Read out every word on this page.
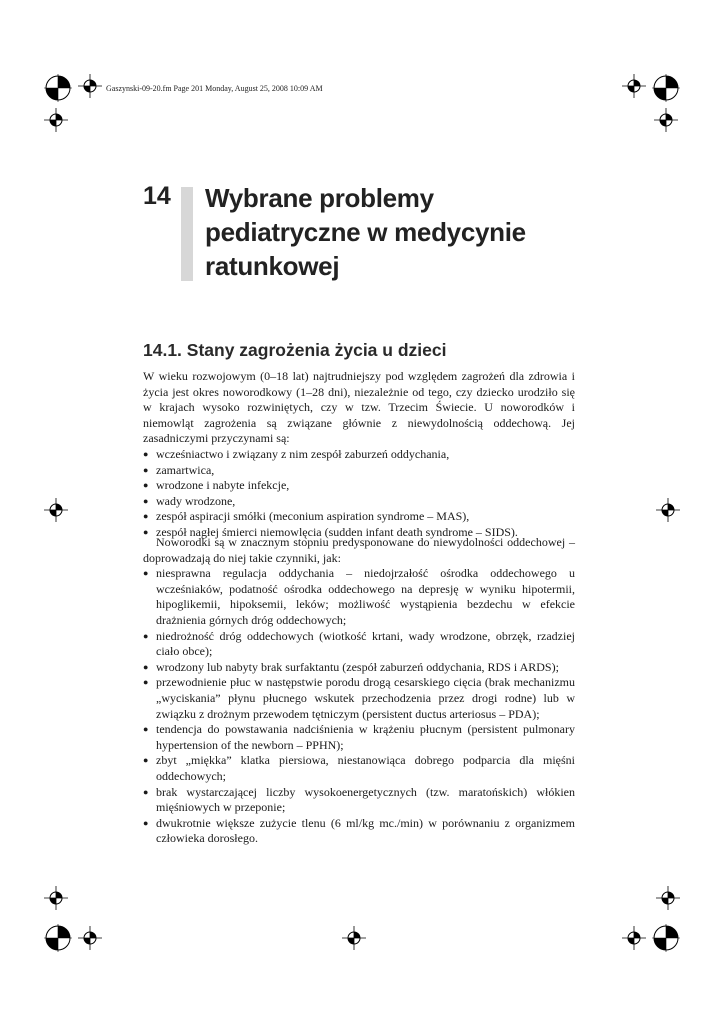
Gaszynski-09-20.fm Page 201 Monday, August 25, 2008 10:09 AM
14 Wybrane problemy
pediatryczne w medycynie
ratunkowej
14.1. Stany zagrożenia życia u dzieci

W wieku rozwojowym (0–18 lat) najtrudniejszy pod względem zagrożeń dla zdrowia i życia jest okres noworodkowy (1–28 dni), niezależnie od tego, czy dziecko urodziło się w krajach wysoko rozwiniętych, czy w tzw. Trzecim Świecie. U noworodków i niemowląt zagrożenia są związane głównie z niewydolnością oddechową. Jej zasadniczymi przyczynami są:

● wcześniactwo i związany z nim zespół zaburzeń oddychania,
● zamartwica,
● wrodzone i nabyte infekcje,
● wady wrodzone,
● zespół aspiracji smółki (meconium aspiration syndrome – MAS),
● zespół nagłej śmierci niemowlęcia (sudden infant death syndrome – SIDS).

Noworodki są w znacznym stopniu predysponowane do niewydolności oddechowej – doprowadzają do niej takie czynniki, jak:

● niesprawna regulacja oddychania – niedojrzałość ośrodka oddechowego u wcześniaków, podatność ośrodka oddechowego na depresję w wyniku hipotermii, hipoglikemii, hipoksemii, leków; możliwość wystąpienia bezdechu w efekcie drażnienia górnych dróg oddechowych;
● niedrożność dróg oddechowych (wiotkość krtani, wady wrodzone, obrzęk, rzadziej ciało obce);
● wrodzony lub nabyty brak surfaktantu (zespół zaburzeń oddychania, RDS i ARDS);
● przewodnienie płuc w następstwie porodu drogą cesarskiego cięcia (brak mechanizmu „wyciskania” płynu płucnego wskutek przechodzenia przez drogi rodne) lub w związku z drożnym przewodem tętniczym (persistent ductus arteriosus – PDA);
● tendencja do powstawania nadciśnienia w krążeniu płucnym (persistent pulmonary hypertension of the newborn – PPHN);
● zbyt „miękka” klatka piersiowa, niestanowiąca dobrego podparcia dla mięśni oddechowych;
● brak wystarczającej liczby wysokoenergetycznych (tzw. maratońskich) włókien mięśniowych w przeponie;
● dwukrotnie większe zużycie tlenu (6 ml/kg mc./min) w porównaniu z organizmem człowieka dorosłego.
